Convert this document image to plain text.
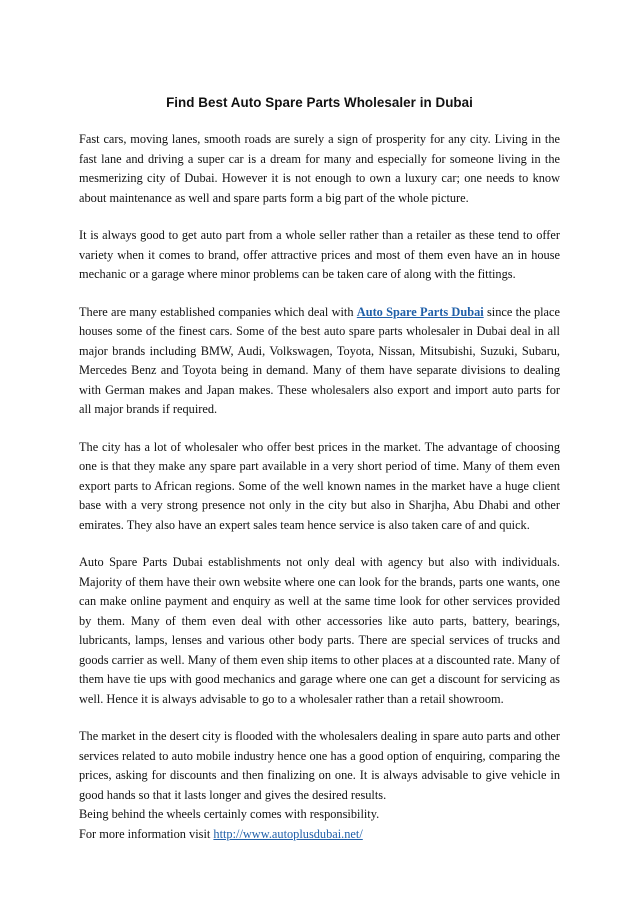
Find Best Auto Spare Parts Wholesaler in Dubai

Fast cars, moving lanes, smooth roads are surely a sign of prosperity for any city. Living in the fast lane and driving a super car is a dream for many and especially for someone living in the mesmerizing city of Dubai. However it is not enough to own a luxury car; one needs to know about maintenance as well and spare parts form a big part of the whole picture.

It is always good to get auto part from a whole seller rather than a retailer as these tend to offer variety when it comes to brand, offer attractive prices and most of them even have an in house mechanic or a garage where minor problems can be taken care of along with the fittings.

There are many established companies which deal with Auto Spare Parts Dubai since the place houses some of the finest cars. Some of the best auto spare parts wholesaler in Dubai deal in all major brands including BMW, Audi, Volkswagen, Toyota, Nissan, Mitsubishi, Suzuki, Subaru, Mercedes Benz and Toyota being in demand. Many of them have separate divisions to dealing with German makes and Japan makes. These wholesalers also export and import auto parts for all major brands if required.

The city has a lot of wholesaler who offer best prices in the market. The advantage of choosing one is that they make any spare part available in a very short period of time. Many of them even export parts to African regions. Some of the well known names in the market have a huge client base with a very strong presence not only in the city but also in Sharjha, Abu Dhabi and other emirates. They also have an expert sales team hence service is also taken care of and quick.

Auto Spare Parts Dubai establishments not only deal with agency but also with individuals. Majority of them have their own website where one can look for the brands, parts one wants, one can make online payment and enquiry as well at the same time look for other services provided by them. Many of them even deal with other accessories like auto parts, battery, bearings, lubricants, lamps, lenses and various other body parts. There are special services of trucks and goods carrier as well. Many of them even ship items to other places at a discounted rate. Many of them have tie ups with good mechanics and garage where one can get a discount for servicing as well. Hence it is always advisable to go to a wholesaler rather than a retail showroom.

The market in the desert city is flooded with the wholesalers dealing in spare auto parts and other services related to auto mobile industry hence one has a good option of enquiring, comparing the prices, asking for discounts and then finalizing on one. It is always advisable to give vehicle in good hands so that it lasts longer and gives the desired results.

Being behind the wheels certainly comes with responsibility.

For more information visit http://www.autoplusdubai.net/
